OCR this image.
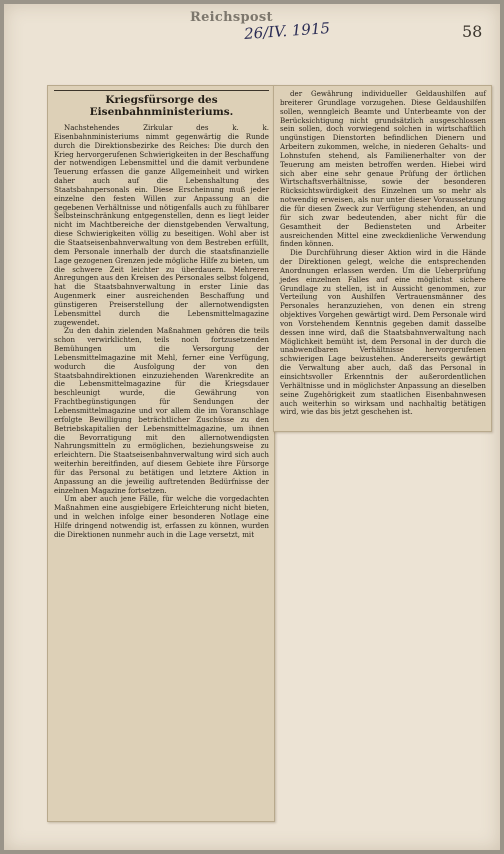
Reichspost
26/IV. 1915	58
Kriegsfürsorge des Eisenbahnministeriums.

Nachstehendes Zirkular des k. k. Eisenbahnministeriums nimmt gegenwärtig die Runde durch die Direktionsbezirke des Reiches: Die durch den Krieg hervorgerufenen Schwierigkeiten in der Beschaffung der notwendigen Lebensmittel und die damit verbundene Teuerung erfassen die ganze Allgemeinheit und wirken daher auch auf die Lebenshaltung des Staatsbahnpersonals ein. Diese Erscheinung muß jeder einzelne den festen Willen zur Anpassung an die gegebenen Verhältnisse und nötigenfalls auch zu fühlbarer Selbsteinschränkung entgegenstellen, denn es liegt leider nicht im Machtbereiche der dienstgebenden Verwaltung, diese Schwierigkeiten völlig zu beseitigen. Wohl aber ist die Staatseisenbahnverwaltung von dem Bestreben erfüllt, dem Personale innerhalb der durch die staatsfinanzielle Lage gezogenen Grenzen jede mögliche Hilfe zu bieten, um die schwere Zeit leichter zu überdauern. Mehreren Anregungen aus den Kreisen des Personales selbst folgend, hat die Staatsbahnverwaltung in erster Linie das Augenmerk einer ausreichenden Beschaffung und günstigeren Preiserstellung der allernotwendigsten Lebensmittel durch die Lebensmittelmagazine zugewendet.

Zu den dahin zielenden Maßnahmen gehören die teils schon verwirklichten, teils noch fortzusetzenden Bemühungen um die Versorgung der Lebensmittelmagazine mit Mehl, ferner eine Verfügung, wodurch die Ausfolgung der von den Staatsbahndirektionen einzuziehenden Warenkredite an die Lebensmittelmagazine für die Kriegsdauer beschleunigt wurde, die Gewährung von Frachtbegünstigungen für Sendungen der Lebensmittelmagazine und vor allem die im Voranschlage erfolgte Bewilligung beträchtlicher Zuschüsse zu den Betriebskapitalien der Lebensmittelmagazine, um ihnen die Bevorratigung mit den allernotwendigsten Nahrungsmitteln zu ermöglichen, beziehungsweise zu erleichtern. Die Staatseisenbahnverwaltung wird sich auch weiterhin bereitfinden, auf diesem Gebiete ihre Fürsorge für das Personal zu betätigen und letztere Aktion in Anpassung an die jeweilig auftretenden Bedürfnisse der einzelnen Magazine fortsetzen.

Um aber auch jene Fälle, für welche die vorgedachten Maßnahmen eine ausgiebigere Erleichterung nicht bieten, und in welchen infolge einer besonderen Notlage eine Hilfe dringend notwendig ist, erfassen zu können, wurden die Direktionen nunmehr auch in die Lage versetzt, mit

der Gewährung individueller Geldaushilfen auf breiterer Grundlage vorzugehen. Diese Geldaushilfen sollen, wenngleich Beamte und Unterbeamte von der Berücksichtigung nicht grundsätzlich ausgeschlossen sein sollen, doch vorwiegend solchen in wirtschaftlich ungünstigen Dienstorten befindlichen Dienern und Arbeitern zukommen, welche, in niederen Gehalts- und Lohnstufen stehend, als Familienerhalter von der Teuerung am meisten betroffen werden. Hiebei wird sich aber eine sehr genaue Prüfung der örtlichen Wirtschaftsverhältnisse, sowie der besonderen Rücksichtswürdigkeit des Einzelnen um so mehr als notwendig erweisen, als nur unter dieser Voraussetzung die für diesen Zweck zur Verfügung stehenden, an und für sich zwar bedeutenden, aber nicht für die Gesamtheit der Bediensteten und Arbeiter ausreichenden Mittel eine zweckdienliche Verwendung finden können.

Die Durchführung dieser Aktion wird in die Hände der Direktionen gelegt, welche die entsprechenden Anordnungen erlassen werden. Um die Ueberprüfung jedes einzelnen Falles auf eine möglichst sichere Grundlage zu stellen, ist in Aussicht genommen, zur Verteilung von Aushilfen Vertrauensmänner des Personales heranzuziehen, von denen ein streng objektives Vorgehen gewärtigt wird. Dem Personale wird von Vorstehendem Kenntnis gegeben damit dasselbe dessen inne wird, daß die Staatsbahnverwaltung nach Möglichkeit bemüht ist, dem Personal in der durch die unabwendbaren Verhältnisse hervorgerufenen schwierigen Lage beizustehen. Andererseits gewärtigt die Verwaltung aber auch, daß das Personal in einsichtsvoller Erkenntnis der außerordentlichen Verhältnisse und in möglichster Anpassung an dieselben seine Zugehörigkeit zum staatlichen Eisenbahnwesen auch weiterhin so wirksam und nachhaltig betätigen wird, wie das bis jetzt geschehen ist.
